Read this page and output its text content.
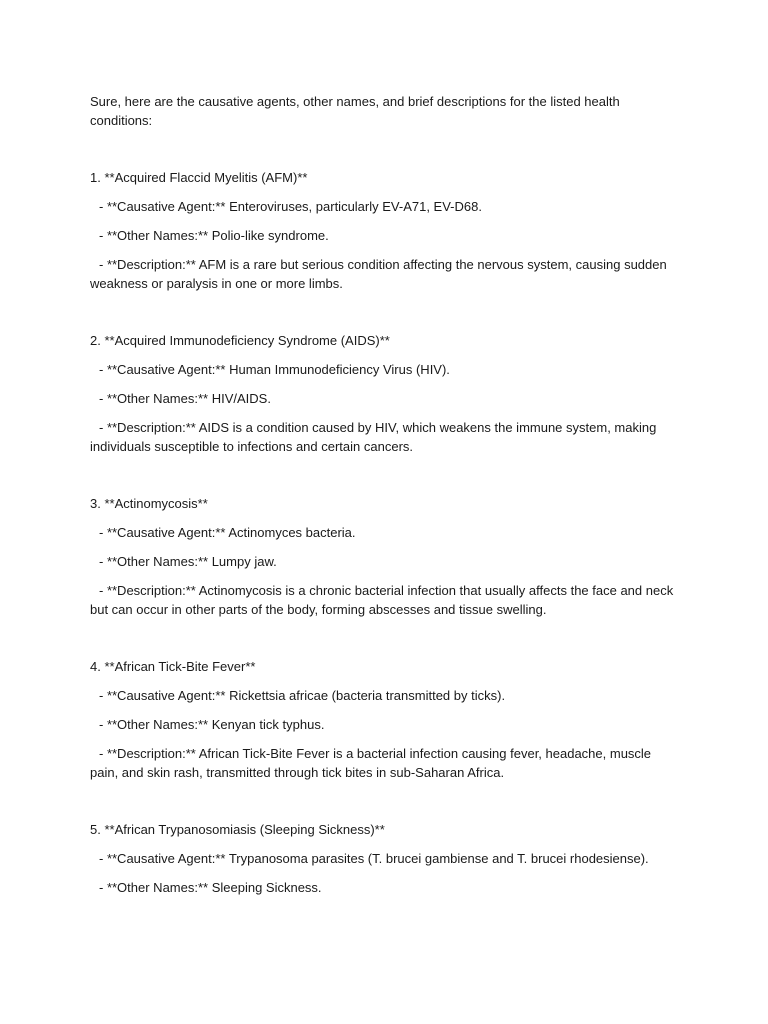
Sure, here are the causative agents, other names, and brief descriptions for the listed health conditions:

1. **Acquired Flaccid Myelitis (AFM)**

- **Causative Agent:** Enteroviruses, particularly EV-A71, EV-D68.

- **Other Names:** Polio-like syndrome.

- **Description:** AFM is a rare but serious condition affecting the nervous system, causing sudden weakness or paralysis in one or more limbs.

2. **Acquired Immunodeficiency Syndrome (AIDS)**

- **Causative Agent:** Human Immunodeficiency Virus (HIV).

- **Other Names:** HIV/AIDS.

- **Description:** AIDS is a condition caused by HIV, which weakens the immune system, making individuals susceptible to infections and certain cancers.

3. **Actinomycosis**

- **Causative Agent:** Actinomyces bacteria.

- **Other Names:** Lumpy jaw.

- **Description:** Actinomycosis is a chronic bacterial infection that usually affects the face and neck but can occur in other parts of the body, forming abscesses and tissue swelling.

4. **African Tick-Bite Fever**

- **Causative Agent:** Rickettsia africae (bacteria transmitted by ticks).

- **Other Names:** Kenyan tick typhus.

- **Description:** African Tick-Bite Fever is a bacterial infection causing fever, headache, muscle pain, and skin rash, transmitted through tick bites in sub-Saharan Africa.

5. **African Trypanosomiasis (Sleeping Sickness)**

- **Causative Agent:** Trypanosoma parasites (T. brucei gambiense and T. brucei rhodesiense).

- **Other Names:** Sleeping Sickness.
